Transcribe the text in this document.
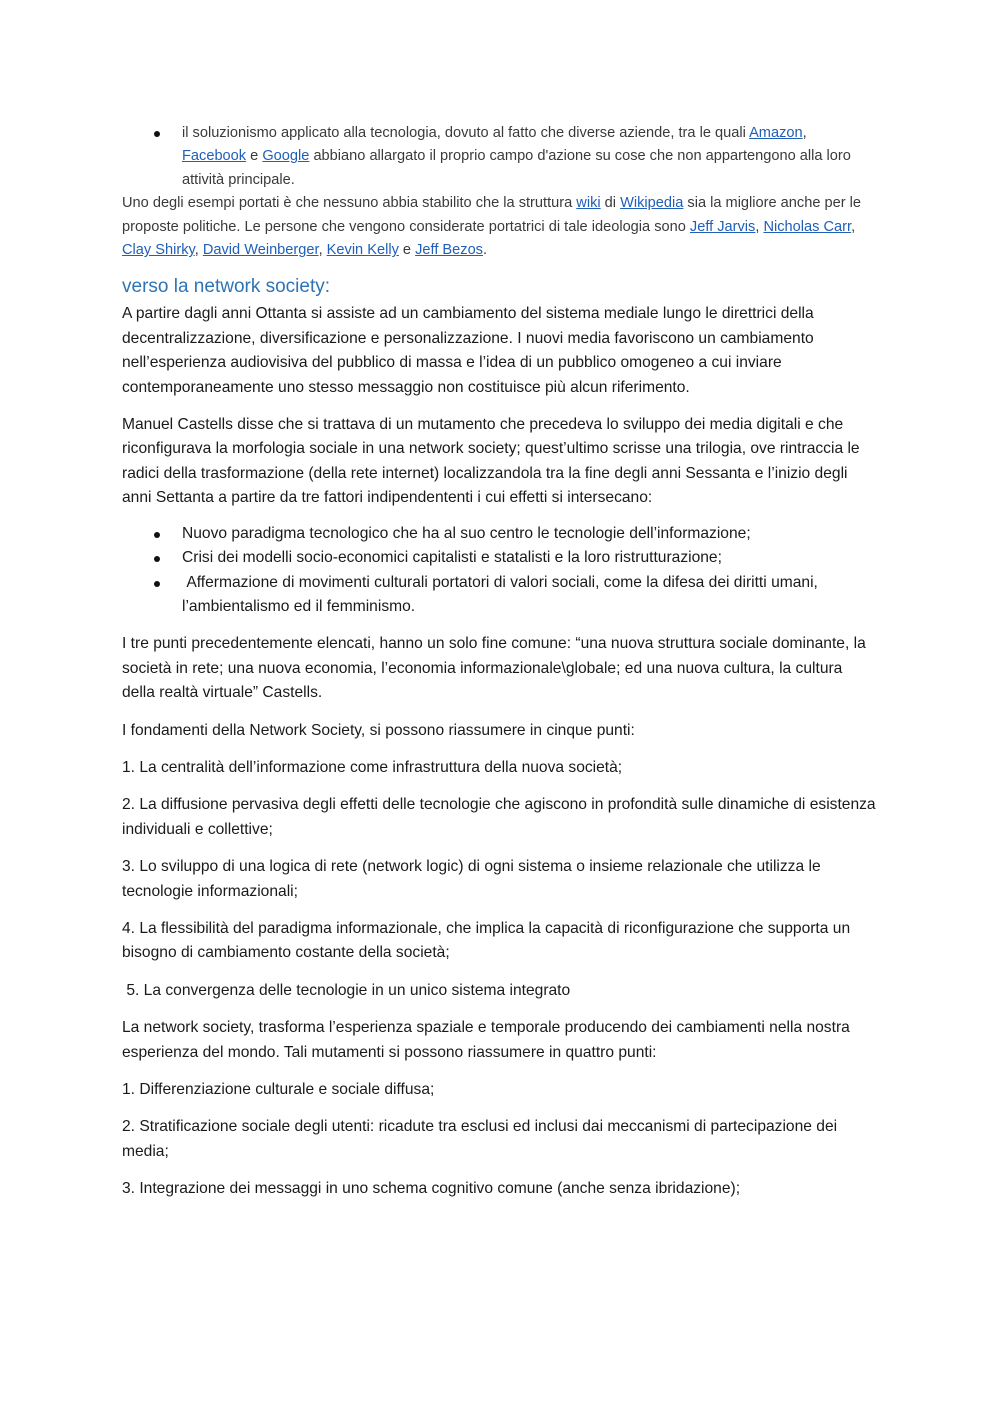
il soluzionismo applicato alla tecnologia, dovuto al fatto che diverse aziende, tra le quali Amazon,
Facebook e Google abbiano allargato il proprio campo d'azione su cose che non appartengono alla loro attività principale.

Uno degli esempi portati è che nessuno abbia stabilito che la struttura wiki di Wikipedia sia la migliore anche per le proposte politiche. Le persone che vengono considerate portatrici di tale ideologia sono Jeff Jarvis, Nicholas Carr, Clay Shirky, David Weinberger, Kevin Kelly e Jeff Bezos.

verso la network society:

A partire dagli anni Ottanta si assiste ad un cambiamento del sistema mediale lungo le direttrici della decentralizzazione, diversificazione e personalizzazione. I nuovi media favoriscono un cambiamento nell’esperienza audiovisiva del pubblico di massa e l’idea di un pubblico omogeneo a cui inviare contemporaneamente uno stesso messaggio non costituisce più alcun riferimento.

Manuel Castells disse che si trattava di un mutamento che precedeva lo sviluppo dei media digitali e che riconfigurava la morfologia sociale in una network society; quest’ultimo scrisse una trilogia, ove rintraccia le radici della trasformazione (della rete internet) localizzandola tra la fine degli anni Sessanta e l’inizio degli anni Settanta a partire da tre fattori indipendententi i cui effetti si intersecano:

Nuovo paradigma tecnologico che ha al suo centro le tecnologie dell’informazione;
Crisi dei modelli socio-economici capitalisti e statalisti e la loro ristrutturazione;
Affermazione di movimenti culturali portatori di valori sociali, come la difesa dei diritti umani, l’ambientalismo ed il femminismo.

I tre punti precedentemente elencati, hanno un solo fine comune: “una nuova struttura sociale dominante, la società in rete; una nuova economia, l’economia informazionale\globale; ed una nuova cultura, la cultura della realtà virtuale” Castells.

I fondamenti della Network Society, si possono riassumere in cinque punti:

1. La centralità dell’informazione come infrastruttura della nuova società;

2. La diffusione pervasiva degli effetti delle tecnologie che agiscono in profondità sulle dinamiche di esistenza individuali e collettive;

3. Lo sviluppo di una logica di rete (network logic) di ogni sistema o insieme relazionale che utilizza le tecnologie informazionali;

4. La flessibilità del paradigma informazionale, che implica la capacità di riconfigurazione che supporta un bisogno di cambiamento costante della società;

5. La convergenza delle tecnologie in un unico sistema integrato

La network society, trasforma l’esperienza spaziale e temporale producendo dei cambiamenti nella nostra esperienza del mondo. Tali mutamenti si possono riassumere in quattro punti:

1. Differenziazione culturale e sociale diffusa;

2. Stratificazione sociale degli utenti: ricadute tra esclusi ed inclusi dai meccanismi di partecipazione dei media;

3. Integrazione dei messaggi in uno schema cognitivo comune (anche senza ibridazione);
